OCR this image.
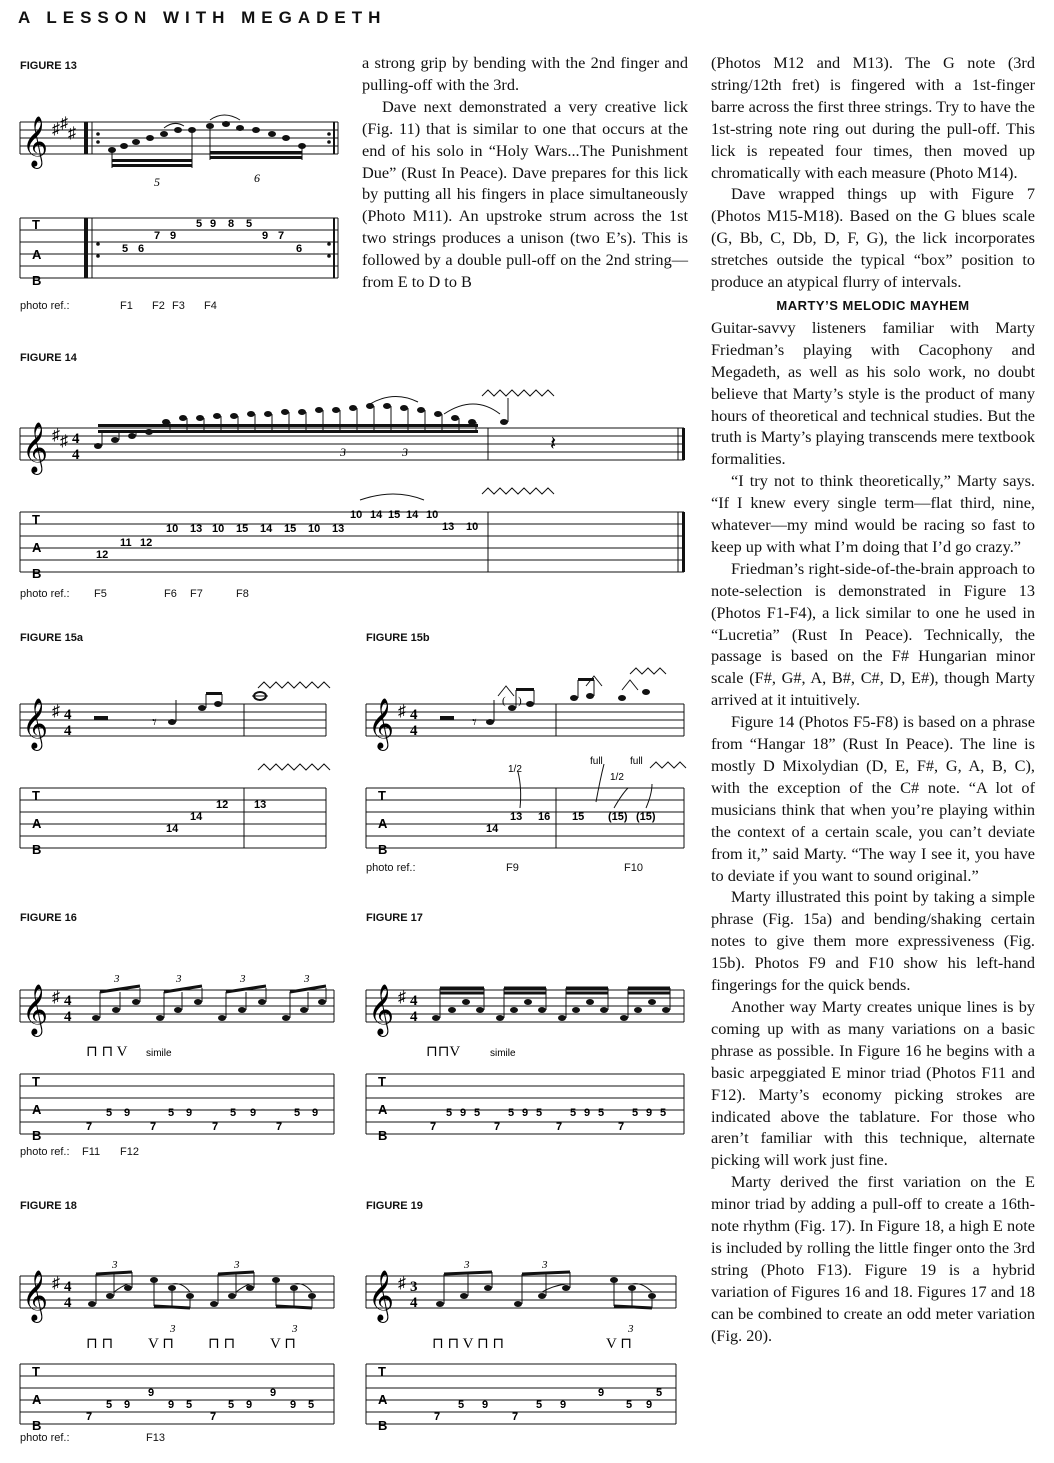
A LESSON WITH MEGADETH
FIGURE 13
𝄞 ♯ ♯
♯
5	6
T
A
B
5 6
7 9
5 9 8 5
9 7
6
photo ref.:	F1 F2 F3 F4
FIGURE 14
𝄞 ♯ ♯ 4
4	𝄽
3	3
T
A
B
12
11 12
10 13 10 15 14 15 10 13
10 14 15 14 10
13 10
photo ref.: F5	F6 F7	F8
FIGURE 15a
𝄞 ♯ 4
4	𝄾
T
A
B
14
14
12 13
FIGURE 15b
𝄞 ♯ 4
4	𝄾
( )
1/2
full	full
1/2
T
A
B
14
13 16 15 (15) (15)
photo ref.:	F9	F10
FIGURE 16
𝄞 ♯ 4
4
3	3	3	3
⊓ ⊓ V simile
T
A
B
7
5 9
7
5 9
7
5 9
7
5 9
photo ref.: F11 F12
FIGURE 17
𝄞 ♯ 4
4
⊓⊓V	simile
T
A
B
7
5 9 5
7
5 9 5
7
5 9 5
7
5 9 5
FIGURE 18
𝄞 ♯ 4
4
3
3
3
3
⊓ ⊓ V ⊓ ⊓ ⊓ V ⊓
T
A
B
7
5 9
9
9 5
7
5 9
9
9 5
photo ref.:	F13
FIGURE 19
𝄞 ♯ 3
4
3	3
3
⊓ ⊓ V ⊓ ⊓	V ⊓
T
A
B
7
5 9
7
5 9
9
5 9
5

a strong grip by bending with the 2nd finger and pulling-off with the 3rd.

Dave next demonstrated a very creative lick (Fig. 11) that is similar to one that occurs at the end of his solo in “Holy Wars...The Punishment Due” (Rust In Peace). Dave prepares for this lick by putting all his fingers in place simultaneously (Photo M11). An upstroke strum across the 1st two strings produces a unison (two E’s). This is followed by a double pull-off on the 2nd string—from E to D to B

(Photos M12 and M13). The G note (3rd string/12th fret) is fingered with a 1st-finger barre across the first three strings. Try to have the 1st-string note ring out during the pull-off. This lick is repeated four times, then moved up chromatically with each measure (Photo M14).

Dave wrapped things up with Figure 7 (Photos M15-M18). Based on the G blues scale (G, Bb, C, Db, D, F, G), the lick incorporates stretches outside the typical “box” position to produce an atypical flurry of intervals.

MARTY’S MELODIC MAYHEM

Guitar-savvy listeners familiar with Marty Friedman’s playing with Cacophony and Megadeth, as well as his solo work, no doubt believe that Marty’s style is the product of many hours of theoretical and technical studies. But the truth is Marty’s playing transcends mere textbook formalities.

“I try not to think theoretically,” Marty says. “If I knew every single term—flat third, nine, whatever—my mind would be racing so fast to keep up with what I’m doing that I’d go crazy.”

Friedman’s right-side-of-the-brain approach to note-selection is demonstrated in Figure 13 (Photos F1-F4), a lick similar to one he used in “Lucretia” (Rust In Peace). Technically, the passage is based on the F# Hungarian minor scale (F#, G#, A, B#, C#, D, E#), though Marty arrived at it intuitively.

Figure 14 (Photos F5-F8) is based on a phrase from “Hangar 18” (Rust In Peace). The line is mostly D Mixolydian (D, E, F#, G, A, B, C), with the exception of the C# note. “A lot of musicians think that when you’re playing within the context of a certain scale, you can’t deviate from it,” said Marty. “The way I see it, you have to deviate if you want to sound original.”

Marty illustrated this point by taking a simple phrase (Fig. 15a) and bending/shaking certain notes to give them more expressiveness (Fig. 15b). Photos F9 and F10 show his left-hand fingerings for the quick bends.

Another way Marty creates unique lines is by coming up with as many variations on a basic phrase as possible. In Figure 16 he begins with a basic arpeggiated E minor triad (Photos F11 and F12). Marty’s economy picking strokes are indicated above the tablature. For those who aren’t familiar with this technique, alternate picking will work just fine.

Marty derived the first variation on the E minor triad by adding a pull-off to create a 16th-note rhythm (Fig. 17). In Figure 18, a high E note is included by rolling the little finger onto the 3rd string (Photo F13). Figure 19 is a hybrid variation of Figures 16 and 18. Figures 17 and 18 can be combined to create an odd meter variation (Fig. 20).
